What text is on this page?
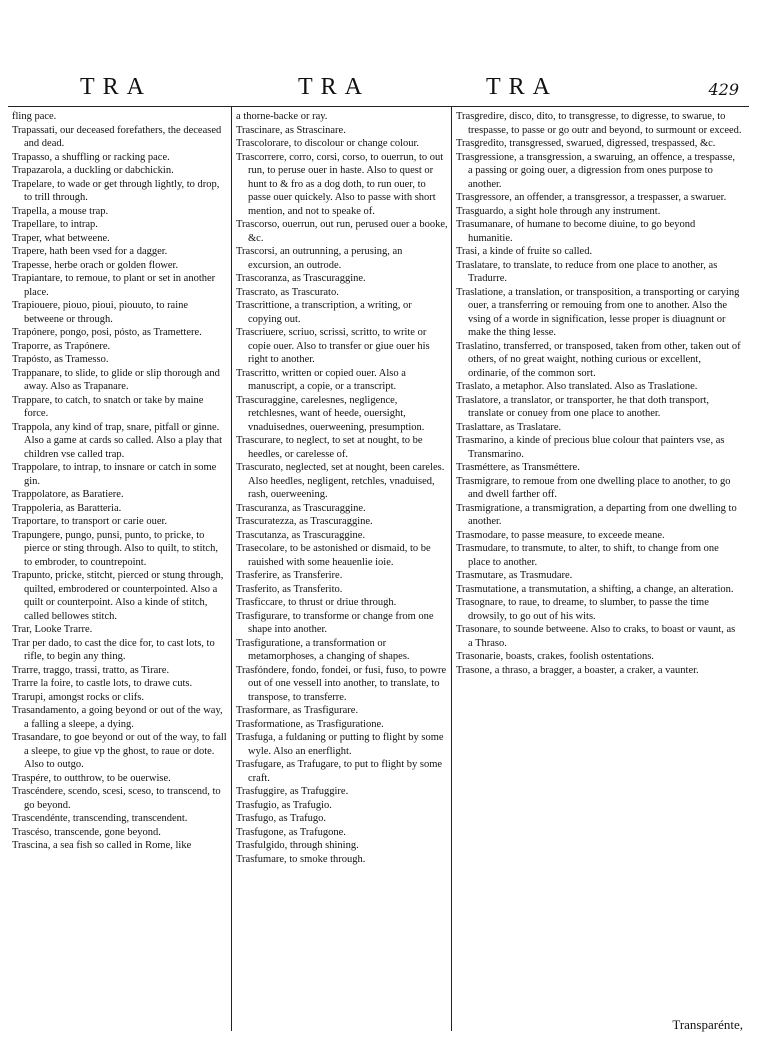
TRA	TRA	TRA	429

fling pace.

Trapassati, our deceased forefathers, the deceased and dead.

Trapasso, a shuffling or racking pace.

Trapazarola, a duckling or dabchickin.

Trapelare, to wade or get through lightly, to drop, to trill through.

Trapella, a mouse trap.

Trapellare, to intrap.

Traper, what betweene.

Trapere, hath been vsed for a dagger.

Trapesse, herbe orach or golden flower.

Trapiantare, to remoue, to plant or set in another place.

Trapiouere, piouo, pioui, piouuto, to raine betweene or through.

Trapónere, pongo, posi, pósto, as Tramettere.

Traporre, as Trapónere.

Trapósto, as Tramesso.

Trappanare, to slide, to glide or slip thorough and away. Also as Trapanare.

Trappare, to catch, to snatch or take by maine force.

Trappola, any kind of trap, snare, pitfall or ginne. Also a game at cards so called. Also a play that children vse called trap.

Trappolare, to intrap, to insnare or catch in some gin.

Trappolatore, as Baratiere.

Trappoleria, as Baratteria.

Traportare, to transport or carie ouer.

Trapungere, pungo, punsi, punto, to pricke, to pierce or sting through. Also to quilt, to stitch, to embroder, to countrepoint.

Trapunto, pricke, stitcht, pierced or stung through, quilted, embrodered or counterpointed. Also a quilt or counterpoint. Also a kinde of stitch, called bellowes stitch.

Trar, Looke Trarre.

Trar per dado, to cast the dice for, to cast lots, to rifle, to begin any thing.

Trarre, traggo, trassi, tratto, as Tirare.

Trarre la foire, to castle lots, to drawe cuts.

Trarupi, amongst rocks or clifs.

Trasandamento, a going beyond or out of the way, a falling a sleepe, a dying.

Trasandare, to goe beyond or out of the way, to fall a sleepe, to giue vp the ghost, to raue or dote. Also to outgo.

Traspére, to outthrow, to be ouerwise.

Trascéndere, scendo, scesi, sceso, to transcend, to go beyond.

Trascendénte, transcending, transcendent.

Trascéso, transcende, gone beyond.

Trascina, a sea fish so called in Rome, like

a thorne-backe or ray.

Trascinare, as Strascinare.

Trascolorare, to discolour or change colour.

Trascorrere, corro, corsi, corso, to ouerrun, to out run, to peruse ouer in haste. Also to quest or hunt to & fro as a dog doth, to run ouer, to passe ouer quickely. Also to passe with short mention, and not to speake of.

Trascorso, ouerrun, out run, perused ouer a booke, &c.

Trascorsi, an outrunning, a perusing, an excursion, an outrode.

Trascoranza, as Trascuraggine.

Trascrato, as Trascurato.

Trascrittione, a transcription, a writing, or copying out.

Trascriuere, scriuo, scrissi, scritto, to write or copie ouer. Also to transfer or giue ouer his right to another.

Trascritto, written or copied ouer. Also a manuscript, a copie, or a transcript.

Trascuraggine, carelesnes, negligence, retchlesnes, want of heede, ouersight, vnaduisednes, ouerweening, presumption.

Trascurare, to neglect, to set at nought, to be heedles, or carelesse of.

Trascurato, neglected, set at nought, been careles. Also heedles, negligent, retchles, vnaduised, rash, ouerweening.

Trascuranza, as Trascuraggine.

Trascuratezza, as Trascuraggine.

Trascutanza, as Trascuraggine.

Trasecolare, to be astonished or dismaid, to be rauished with some heauenlie ioie.

Trasferire, as Transferire.

Trasferito, as Transferito.

Trasficcare, to thrust or driue through.

Trasfigurare, to transforme or change from one shape into another.

Trasfiguratione, a transformation or metamorphoses, a changing of shapes.

Trasfóndere, fondo, fondei, or fusi, fuso, to powre out of one vessell into another, to translate, to transpose, to transferre.

Trasformare, as Trasfigurare.

Trasformatione, as Trasfiguratione.

Trasfuga, a fuldaning or putting to flight by some wyle. Also an enerflight.

Trasfugare, as Trafugare, to put to flight by some craft.

Trasfuggire, as Trafuggire.

Trasfugio, as Trafugio.

Trasfugo, as Trafugo.

Trasfugone, as Trafugone.

Trasfulgido, through shining.

Trasfumare, to smoke through.

Trasgredire, disco, dito, to transgresse, to digresse, to swarue, to trespasse, to passe or go outr and beyond, to surmount or exceed.

Trasgredito, transgressed, swarued, digressed, trespassed, &c.

Trasgressione, a transgression, a swaruing, an offence, a trespasse, a passing or going ouer, a digression from ones purpose to another.

Trasgressore, an offender, a transgressor, a trespasser, a swaruer.

Trasguardo, a sight hole through any instrument.

Trasumanare, of humane to become diuine, to go beyond humanitie.

Trasi, a kinde of fruite so called.

Traslatare, to translate, to reduce from one place to another, as Tradurre.

Traslatione, a translation, or transposition, a transporting or carying ouer, a transferring or remouing from one to another. Also the vsing of a worde in signification, lesse proper is diuagnunt or make the thing lesse.

Traslatino, transferred, or transposed, taken from other, taken out of others, of no great waight, nothing curious or excellent, ordinarie, of the common sort.

Traslato, a metaphor. Also translated. Also as Traslatione.

Traslatore, a translator, or transporter, he that doth transport, translate or conuey from one place to another.

Traslattare, as Traslatare.

Trasmarino, a kinde of precious blue colour that painters vse, as Transmarino.

Trasméttere, as Transméttere.

Trasmigrare, to remoue from one dwelling place to another, to go and dwell farther off.

Trasmigratione, a transmigration, a departing from one dwelling to another.

Trasmodare, to passe measure, to exceede meane.

Trasmudare, to transmute, to alter, to shift, to change from one place to another.

Trasmutare, as Trasmudare.

Trasmutatione, a transmutation, a shifting, a change, an alteration.

Trasognare, to raue, to dreame, to slumber, to passe the time drowsily, to go out of his wits.

Trasonare, to sounde betweene. Also to craks, to boast or vaunt, as a Thraso.

Trasonarie, boasts, crakes, foolish ostentations.

Trasone, a thraso, a bragger, a boaster, a craker, a vaunter.

Transparénte,
